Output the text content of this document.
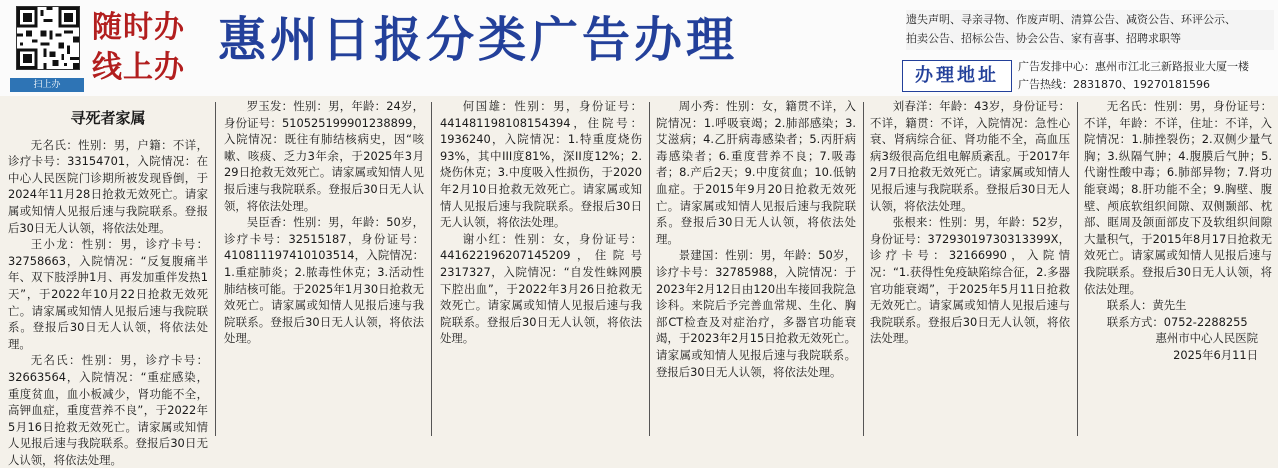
扫上办
随时办
线上办 惠州日报分类广告办理	遗失声明、寻亲寻物、作废声明、清算公告、减资公告、环评公示、
拍卖公告、招标公告、协会公告、家有喜事、招聘求职等
办理地址	广告发排中心：惠州市江北三新路报业大厦一楼
广告热线：2831870、19270181596
寻死者家属

无名氏：性别：男，户籍：不详，诊疗卡号：33154701，入院情况：在中心人民医院门诊期所被发现昏倒，于2024年11月28日抢救无效死亡。请家属或知情人见报后速与我院联系。登报后30日无人认领，将依法处理。

王小龙：性别：男，诊疗卡号：32758663，入院情况：“反复腹痛半年、双下肢浮肿1月、再发加重伴发热1天”，于2022年10月22日抢救无效死亡。请家属或知情人见报后速与我院联系。登报后30日无人认领，将依法处理。

无名氏：性别：男，诊疗卡号：32663564，入院情况：“重症感染，重度贫血，血小板减少，肾功能不全，高钾血症，重度营养不良”，于2022年5月16日抢救无效死亡。请家属或知情人见报后速与我院联系。登报后30日无人认领，将依法处理。

罗玉发：性别：男，年龄：24岁，身份证号：510525199901238899，入院情况：既往有肺结核病史，因“咳嗽、咳痰、乏力3年余，于2025年3月29日抢救无效死亡。请家属或知情人见报后速与我院联系。登报后30日无人认领，将依法处理。

吴臣香：性别：男，年龄：50岁，诊疗卡号：32515187，身份证号：410811197410103514，入院情况：1.重症肺炎；2.脓毒性休克；3.活动性肺结核可能。于2025年1月30日抢救无效死亡。请家属或知情人见报后速与我院联系。登报后30日无人认领，将依法处理。

何国雄：性别：男，身份证号：441481198108154394，住院号：1936240，入院情况：1.特重度烧伤93%，其中III度81%，深II度12%；2.烧伤休克；3.中度吸入性损伤，于2020年2月10日抢救无效死亡。请家属或知情人见报后速与我院联系。登报后30日无人认领，将依法处理。

谢小红：性别：女，身份证号：441622196207145209，住院号2317327，入院情况：“自发性蛛网膜下腔出血”，于2022年3月26日抢救无效死亡。请家属或知情人见报后速与我院联系。登报后30日无人认领，将依法处理。

周小秀：性别：女，籍贯不详，入院情况：1.呼吸衰竭；2.肺部感染；3.艾滋病；4.乙肝病毒感染者；5.丙肝病毒感染者；6.重度营养不良；7.吸毒者；8.产后2天；9.中度贫血；10.低钠血症。于2015年9月20日抢救无效死亡。请家属或知情人见报后速与我院联系。登报后30日无人认领，将依法处理。

景建国：性别：男，年龄：50岁，诊疗卡号：32785988，入院情况：于2023年2月12日由120出车接回我院急诊科。来院后予完善血常规、生化、胸部CT检查及对症治疗，多器官功能衰竭，于2023年2月15日抢救无效死亡。请家属或知情人见报后速与我院联系。登报后30日无人认领，将依法处理。

刘春洋：年龄：43岁，身份证号：不详，籍贯：不详，入院情况：急性心衰、肾病综合征、肾功能不全，高血压病3级很高危组电解质紊乱。于2017年2月7日抢救无效死亡。请家属或知情人见报后速与我院联系。登报后30日无人认领，将依法处理。

张根来：性别：男，年龄：52岁，身份证号：37293019730313399X，诊疗卡号：32166990，入院情况：“1.获得性免疫缺陷综合征，2.多器官功能衰竭”，于2025年5月11日抢救无效死亡。请家属或知情人见报后速与我院联系。登报后30日无人认领，将依法处理。

无名氏：性别：男，身份证号：不详，年龄：不详，住址：不详，入院情况：1.肺挫裂伤；2.双侧少量气胸；3.纵隔气肿；4.腹膜后气肿；5.代谢性酸中毒；6.肺部异物；7.肾功能衰竭；8.肝功能不全；9.胸壁、腹壁、颅底软组织间隙、双侧颞部、枕部、眶周及颌面部皮下及软组织间隙大量积气，于2015年8月17日抢救无效死亡。请家属或知情人见报后速与我院联系。登报后30日无人认领，将依法处理。

联系人：黄先生

联系方式：0752-2288255

惠州市中心人民医院

2025年6月11日
